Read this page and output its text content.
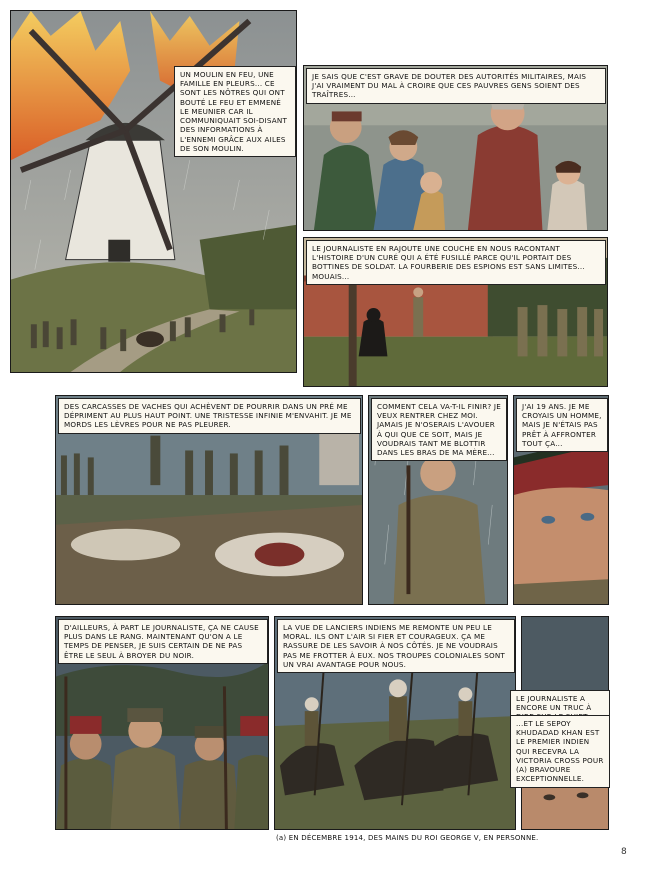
UN MOULIN EN FEU, UNE FAMILLE EN PLEURS... CE SONT LES NÔTRES QUI ONT BOUTÉ LE FEU ET EMMENÉ LE MEUNIER CAR IL COMMUNIQUAIT SOI-DISANT DES INFORMATIONS À L'ENNEMI GRÂCE AUX AILES DE SON MOULIN.
JE SAIS QUE C'EST GRAVE DE DOUTER DES AUTORITÉS MILITAIRES, MAIS J'AI VRAIMENT DU MAL À CROIRE QUE CES PAUVRES GENS SOIENT DES TRAÎTRES...
LE JOURNALISTE EN RAJOUTE UNE COUCHE EN NOUS RACONTANT L'HISTOIRE D'UN CURÉ QUI A ÉTÉ FUSILLÉ PARCE QU'IL PORTAIT DES BOTTINES DE SOLDAT. LA FOURBERIE DES ESPIONS EST SANS LIMITES... MOUAIS...
DES CARCASSES DE VACHES QUI ACHÈVENT DE POURRIR DANS UN PRÉ ME DÉPRIMENT AU PLUS HAUT POINT. UNE TRISTESSE INFINIE M'ENVAHIT. JE ME MORDS LES LÈVRES POUR NE PAS PLEURER.
COMMENT CELA VA-T-IL FINIR? JE VEUX RENTRER CHEZ MOI. JAMAIS JE N'OSERAIS L'AVOUER À QUI QUE CE SOIT, MAIS JE VOUDRAIS TANT ME BLOTTIR DANS LES BRAS DE MA MÈRE...
J'AI 19 ANS. JE ME CROYAIS UN HOMME, MAIS JE N'ÉTAIS PAS PRÊT À AFFRONTER TOUT ÇA...
D'AILLEURS, À PART LE JOURNALISTE, ÇA NE CAUSE PLUS DANS LE RANG. MAINTENANT QU'ON A LE TEMPS DE PENSER, JE SUIS CERTAIN DE NE PAS ÊTRE LE SEUL À BROYER DU NOIR.
LA VUE DE LANCIERS INDIENS ME REMONTE UN PEU LE MORAL. ILS ONT L'AIR SI FIER ET COURAGEUX. ÇA ME RASSURE DE LES SAVOIR À NOS CÔTÉS. JE NE VOUDRAIS PAS ME FROTTER À EUX. NOS TROUPES COLONIALES SONT UN VRAI AVANTAGE POUR NOUS.
LE JOURNALISTE A ENCORE UN TRUC À
...ET LE SEPOY KHUDADAD KHAN EST LE PREMIER INDIEN QUI RECEVRA LA VICTORIA CROSS POUR (A) BRAVOURE EXCEPTIONNELLE.
(a) EN DÉCEMBRE 1914, DES MAINS DU ROI GEORGE V, EN PERSONNE.
8
